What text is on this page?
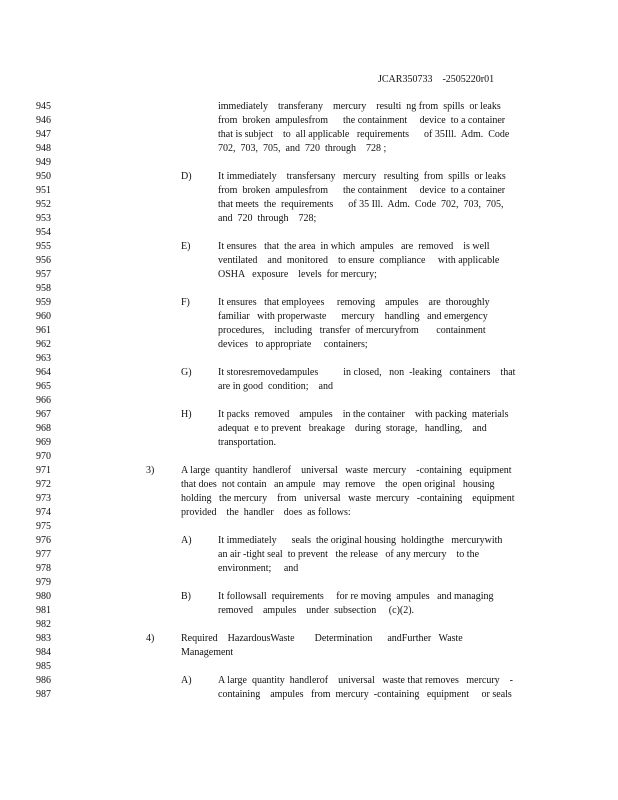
JCAR350733 -2505220r01
945	immediately    transferany    mercury    resulti  ng from  spills  or leaks
946	from  broken  ampulesfrom      the containment     device  to a container
947	that is subject    to  all applicable   requirements      of 35Ill.  Adm.  Code
948	702,  703,  705,  and  720  through    728 ;
949
950	D)	It immediately    transfersany   mercury   resulting  from  spills  or leaks
951	from  broken  ampulesfrom      the containment     device  to a container
952	that meets  the  requirements      of 35 Ill.  Adm.  Code  702,  703,  705,
953	and  720  through    728;
954
955	E)	It ensures   that  the area  in which  ampules   are  removed    is well
956	ventilated    and  monitored    to ensure  compliance     with applicable
957	OSHA   exposure    levels  for mercury;
958
959	F)	It ensures   that employees     removing    ampules    are  thoroughly
960	familiar   with properwaste      mercury    handling   and emergency
961	procedures,    including   transfer  of mercuryfrom       containment
962	devices   to appropriate     containers;
963
964	G)	It storesremovedampules          in closed,   non  -leaking   containers    that
965	are in good  condition;    and
966
967	H)	It packs  removed    ampules    in the container    with packing  materials
968	adequat  e to prevent   breakage    during  storage,   handling,    and
969	transportation.
970
971	3)	A large  quantity  handlerof    universal   waste  mercury    -containing   equipment
972	that does  not contain   an ampule   may  remove    the  open original   housing
973	holding   the mercury    from   universal   waste  mercury   -containing    equipment
974	provided    the  handler    does  as follows:
975
976	A)	It immediately      seals  the original housing  holdingthe   mercurywith
977	an air -tight seal  to prevent   the release   of any mercury    to the
978	environment;     and
979
980	B)	It followsall  requirements     for re moving  ampules   and managing
981	removed    ampules    under  subsection     (c)(2).
982
983	4)	Required    HazardousWaste        Determination      andFurther   Waste
984	Management
985
986	A)	A large  quantity  handlerof    universal   waste that removes   mercury    -
987	containing    ampules   from  mercury  -containing   equipment     or seals
